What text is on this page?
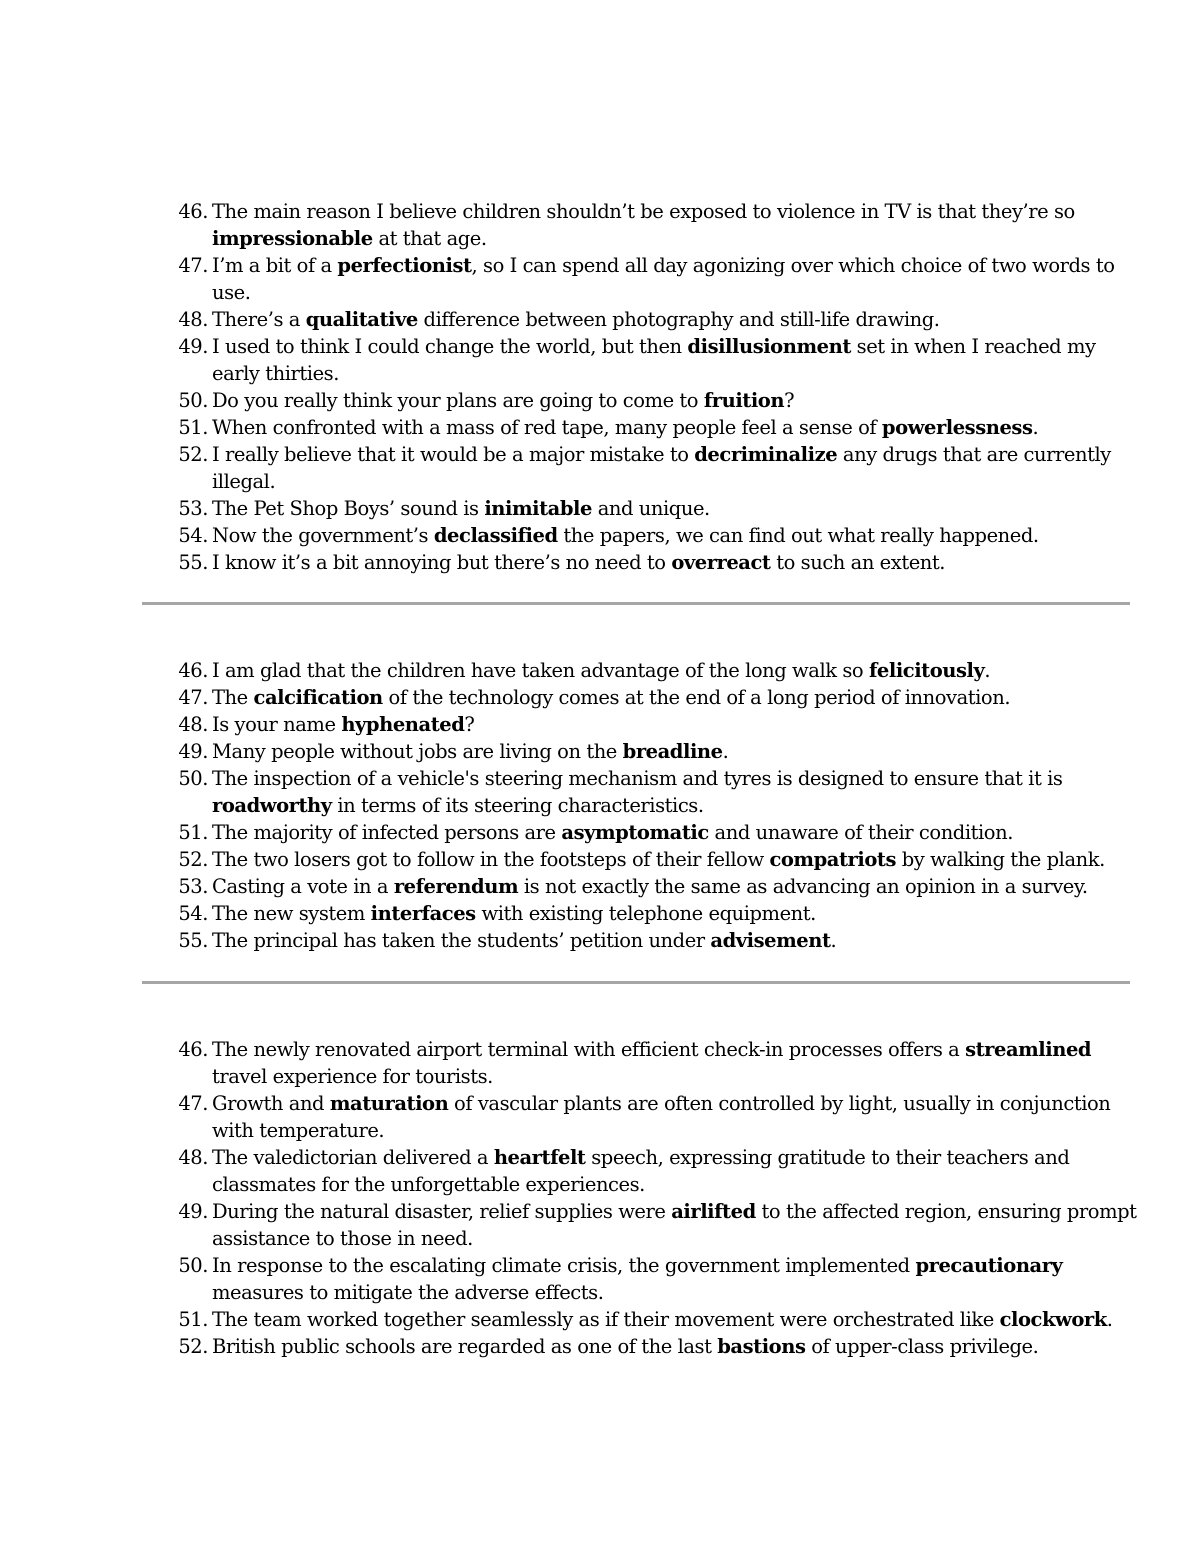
46. The main reason I believe children shouldn’t be exposed to violence in TV is that they’re so impressionable at that age.
47. I’m a bit of a perfectionist, so I can spend all day agonizing over which choice of two words to use.
48. There’s a qualitative difference between photography and still-life drawing.
49. I used to think I could change the world, but then disillusionment set in when I reached my early thirties.
50. Do you really think your plans are going to come to fruition?
51. When confronted with a mass of red tape, many people feel a sense of powerlessness.
52. I really believe that it would be a major mistake to decriminalize any drugs that are currently illegal.
53. The Pet Shop Boys’ sound is inimitable and unique.
54. Now the government’s declassified the papers, we can find out what really happened.
55. I know it’s a bit annoying but there’s no need to overreact to such an extent.
46. I am glad that the children have taken advantage of the long walk so felicitously.
47. The calcification of the technology comes at the end of a long period of innovation.
48. Is your name hyphenated?
49. Many people without jobs are living on the breadline.
50. The inspection of a vehicle's steering mechanism and tyres is designed to ensure that it is roadworthy in terms of its steering characteristics.
51. The majority of infected persons are asymptomatic and unaware of their condition.
52. The two losers got to follow in the footsteps of their fellow compatriots by walking the plank.
53. Casting a vote in a referendum is not exactly the same as advancing an opinion in a survey.
54. The new system interfaces with existing telephone equipment.
55. The principal has taken the students’ petition under advisement.
46. The newly renovated airport terminal with efficient check-in processes offers a streamlined travel experience for tourists.
47. Growth and maturation of vascular plants are often controlled by light, usually in conjunction with temperature.
48. The valedictorian delivered a heartfelt speech, expressing gratitude to their teachers and classmates for the unforgettable experiences.
49. During the natural disaster, relief supplies were airlifted to the affected region, ensuring prompt assistance to those in need.
50. In response to the escalating climate crisis, the government implemented precautionary measures to mitigate the adverse effects.
51. The team worked together seamlessly as if their movement were orchestrated like clockwork.
52. British public schools are regarded as one of the last bastions of upper-class privilege.
